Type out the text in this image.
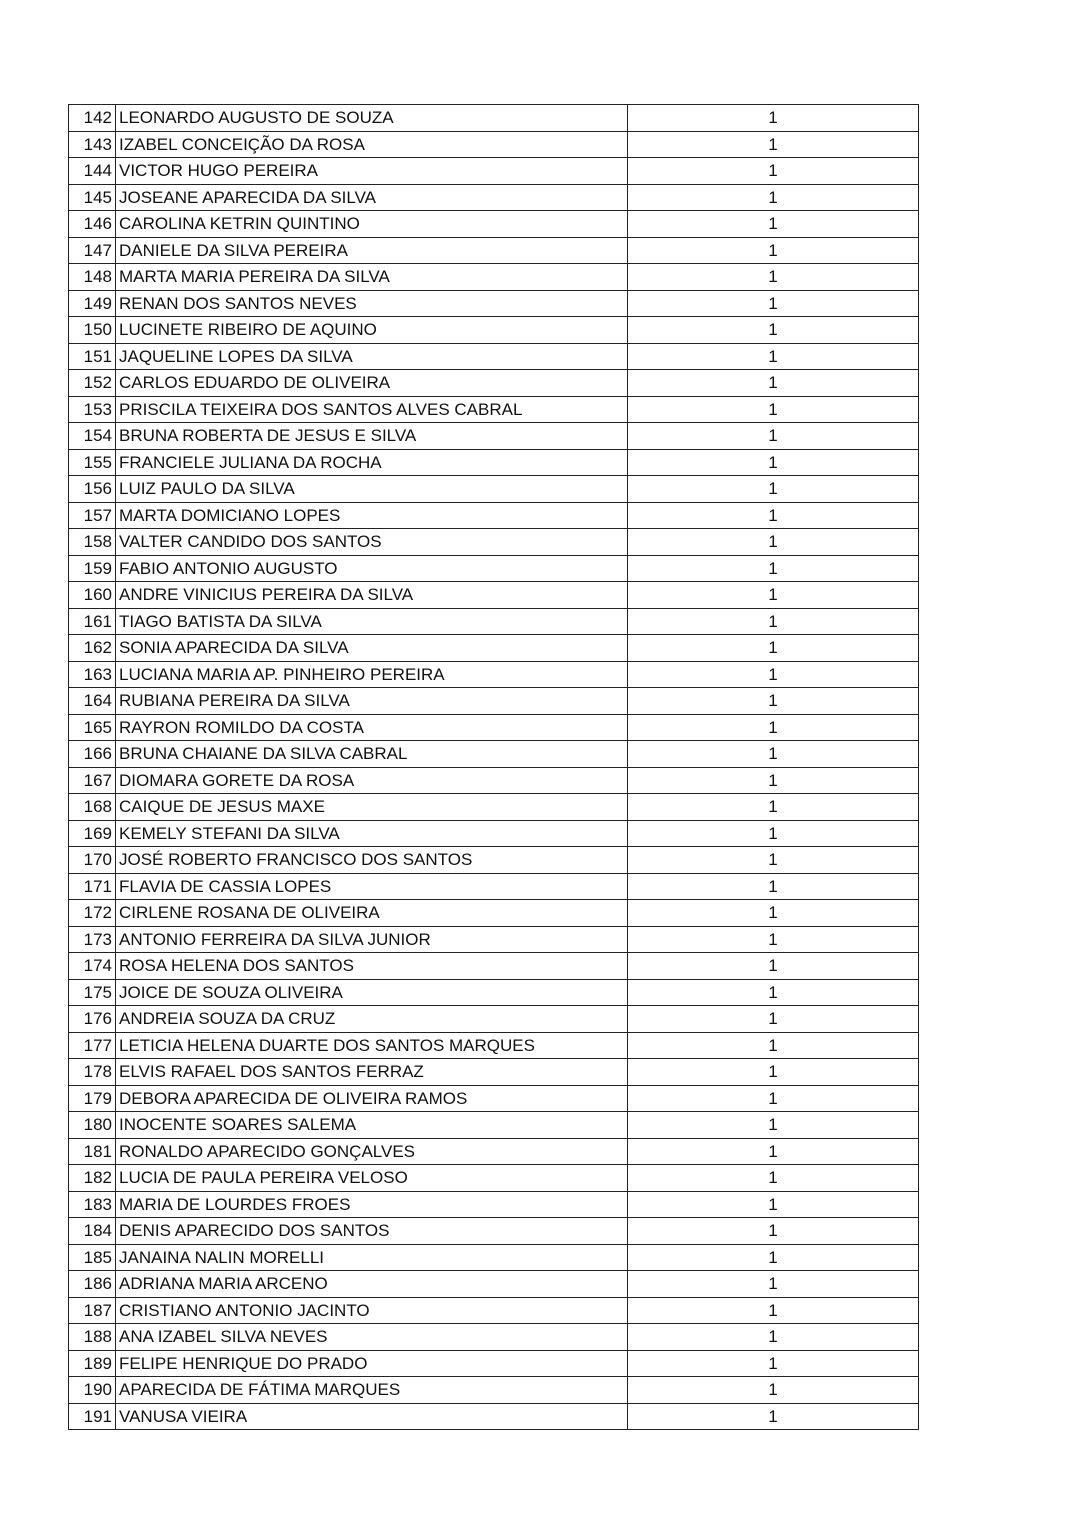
142	LEONARDO AUGUSTO DE SOUZA	1
143	IZABEL CONCEIÇÃO DA ROSA	1
144	VICTOR HUGO PEREIRA	1
145	JOSEANE APARECIDA DA SILVA	1
146	CAROLINA KETRIN QUINTINO	1
147	DANIELE DA SILVA PEREIRA	1
148	MARTA MARIA PEREIRA DA SILVA	1
149	RENAN DOS SANTOS NEVES	1
150	LUCINETE RIBEIRO DE AQUINO	1
151	JAQUELINE LOPES DA SILVA	1
152	CARLOS EDUARDO DE OLIVEIRA	1
153	PRISCILA TEIXEIRA DOS SANTOS ALVES CABRAL	1
154	BRUNA ROBERTA DE JESUS E SILVA	1
155	FRANCIELE JULIANA DA ROCHA	1
156	LUIZ PAULO DA SILVA	1
157	MARTA DOMICIANO LOPES	1
158	VALTER CANDIDO DOS SANTOS	1
159	FABIO ANTONIO AUGUSTO	1
160	ANDRE VINICIUS PEREIRA DA SILVA	1
161	TIAGO BATISTA DA SILVA	1
162	SONIA APARECIDA DA SILVA	1
163	LUCIANA MARIA AP. PINHEIRO PEREIRA	1
164	RUBIANA PEREIRA DA SILVA	1
165	RAYRON ROMILDO DA COSTA	1
166	BRUNA CHAIANE DA SILVA CABRAL	1
167	DIOMARA GORETE DA ROSA	1
168	CAIQUE DE JESUS MAXE	1
169	KEMELY STEFANI DA SILVA	1
170	JOSÉ ROBERTO FRANCISCO DOS SANTOS	1
171	FLAVIA DE CASSIA LOPES	1
172	CIRLENE ROSANA DE OLIVEIRA	1
173	ANTONIO FERREIRA DA SILVA JUNIOR	1
174	ROSA HELENA DOS SANTOS	1
175	JOICE DE SOUZA OLIVEIRA	1
176	ANDREIA SOUZA DA CRUZ	1
177	LETICIA HELENA DUARTE DOS SANTOS MARQUES	1
178	ELVIS RAFAEL DOS SANTOS FERRAZ	1
179	DEBORA APARECIDA DE OLIVEIRA RAMOS	1
180	INOCENTE SOARES SALEMA	1
181	RONALDO APARECIDO GONÇALVES	1
182	LUCIA DE PAULA PEREIRA VELOSO	1
183	MARIA DE LOURDES FROES	1
184	DENIS APARECIDO DOS SANTOS	1
185	JANAINA NALIN MORELLI	1
186	ADRIANA MARIA ARCENO	1
187	CRISTIANO ANTONIO JACINTO	1
188	ANA IZABEL SILVA NEVES	1
189	FELIPE HENRIQUE DO PRADO	1
190	APARECIDA DE FÁTIMA MARQUES	1
191	VANUSA VIEIRA	1
